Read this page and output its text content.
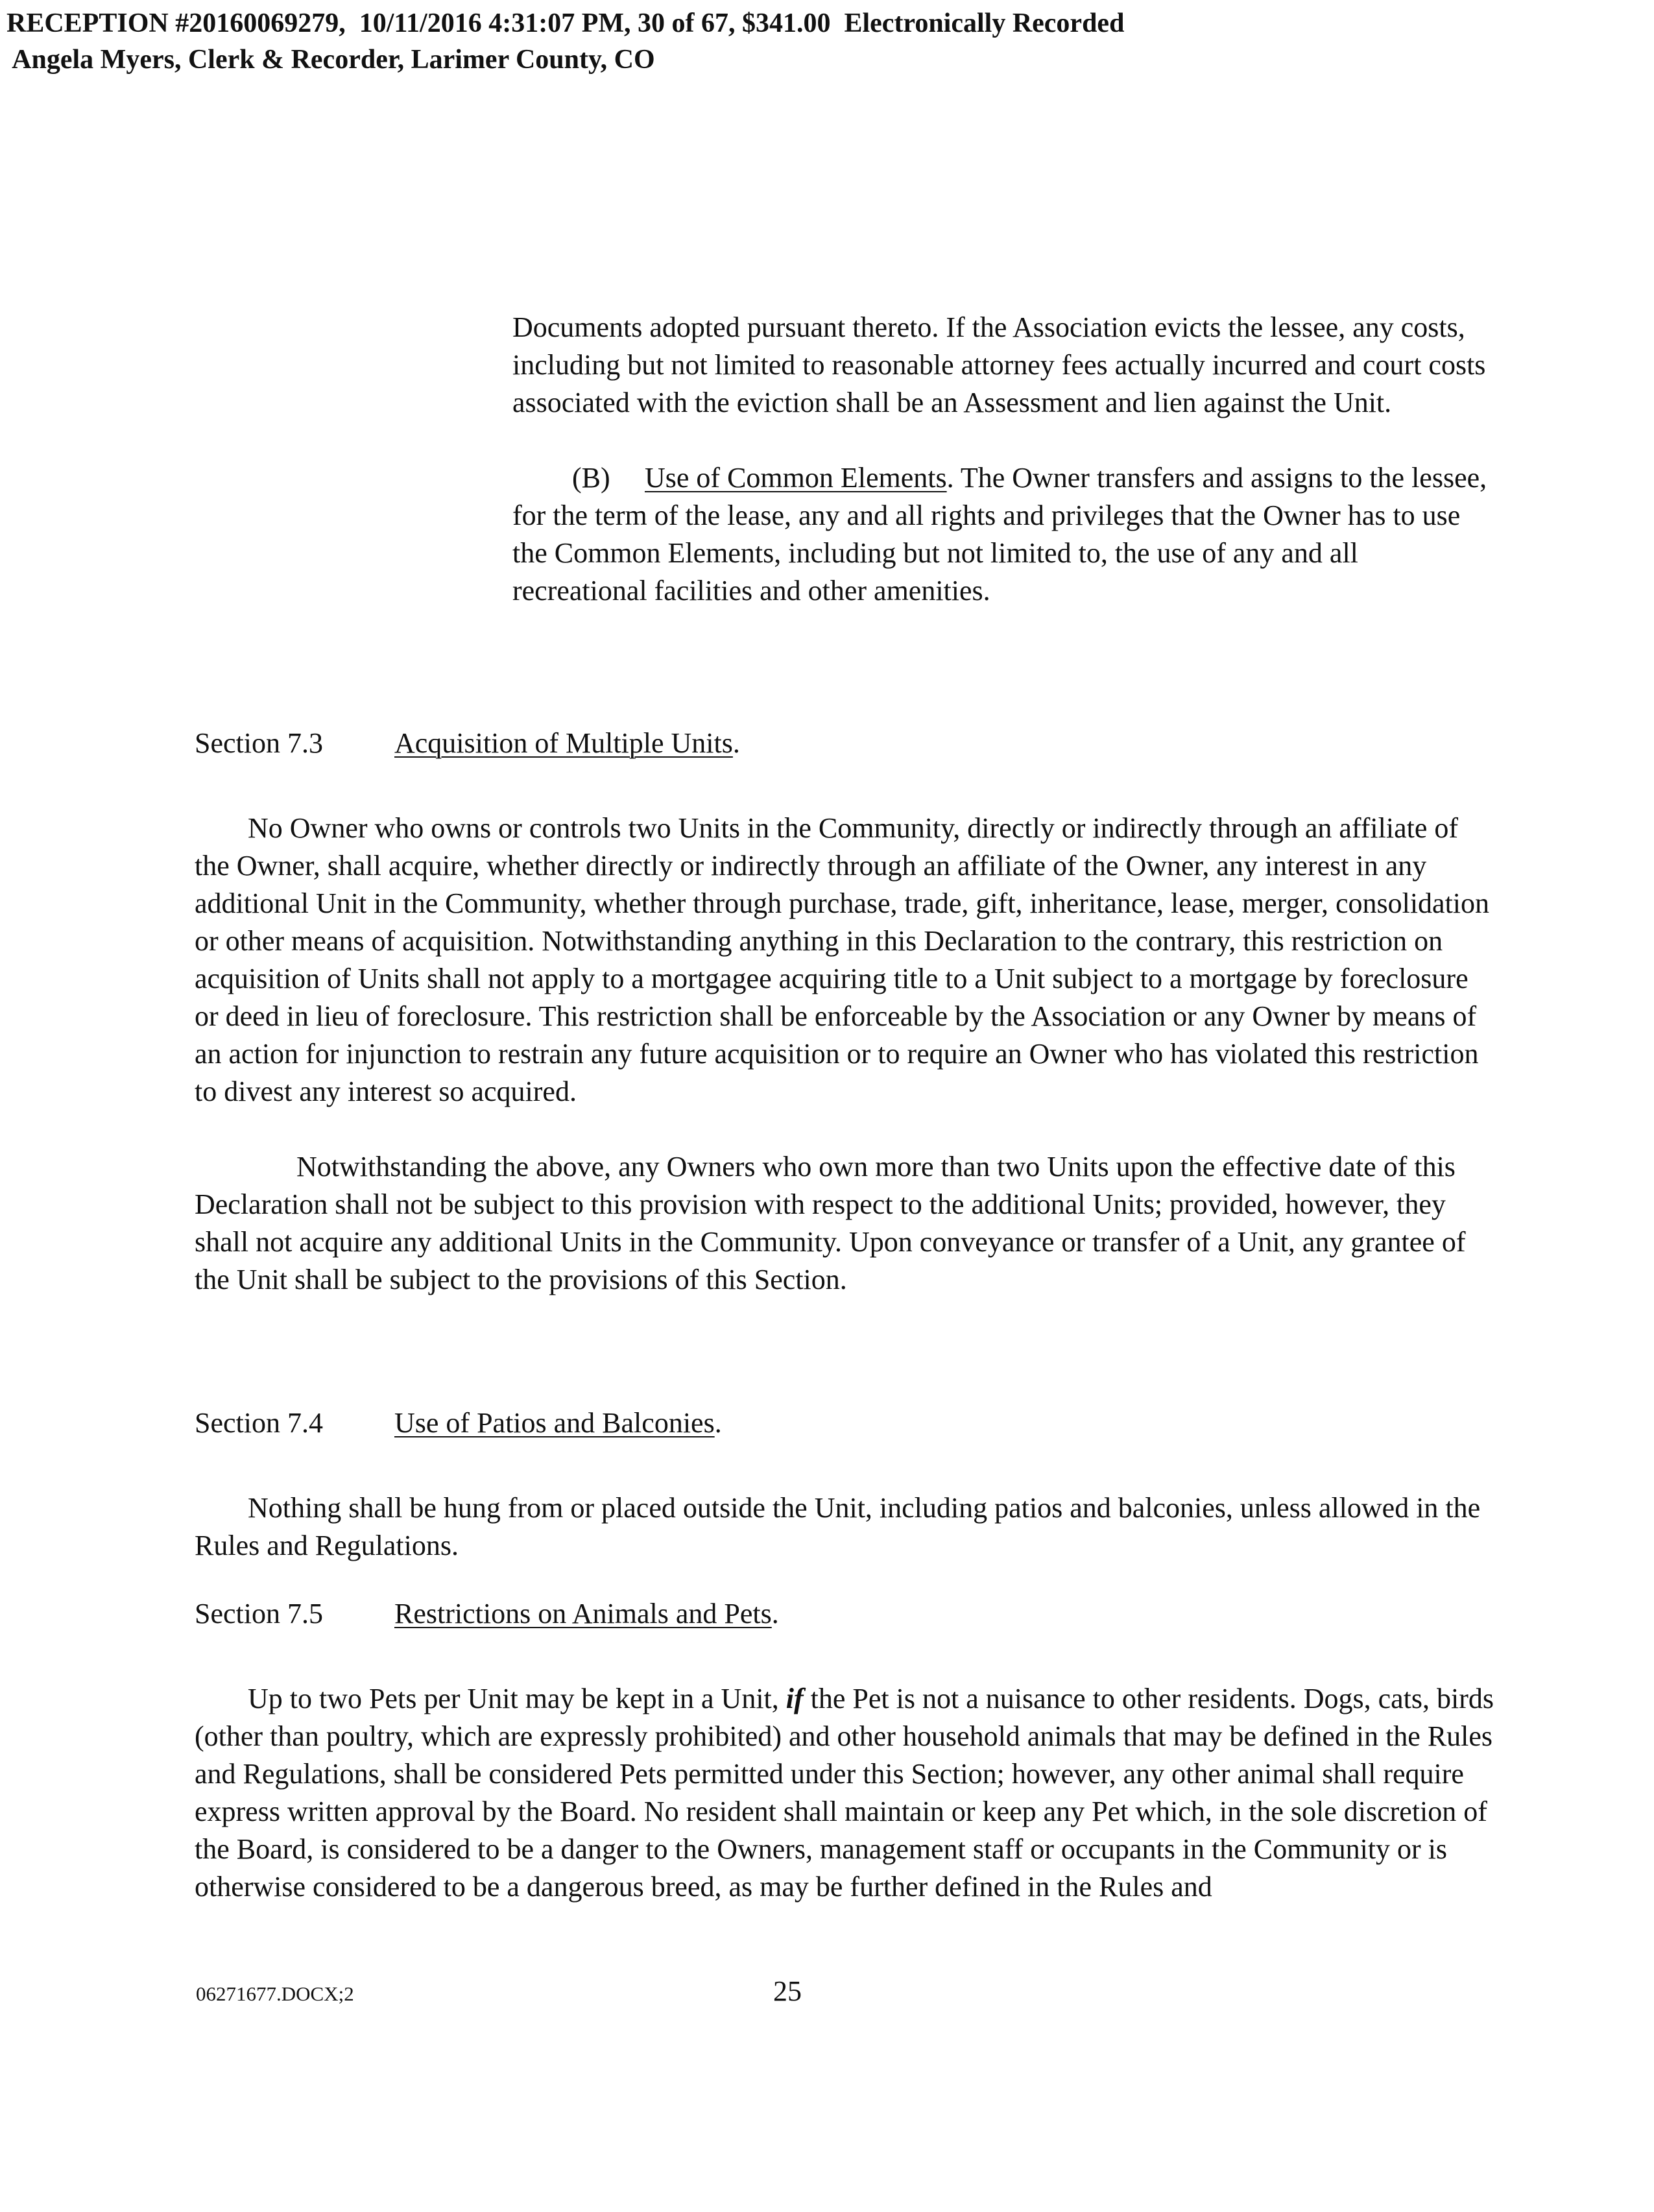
RECEPTION #20160069279,  10/11/2016 4:31:07 PM, 30 of 67, $341.00  Electronically Recorded
Angela Myers, Clerk & Recorder, Larimer County, CO

Documents adopted pursuant thereto. If the Association evicts the lessee, any costs, including but not limited to reasonable attorney fees actually incurred and court costs associated with the eviction shall be an Assessment and lien against the Unit.

(B) Use of Common Elements. The Owner transfers and assigns to the lessee, for the term of the lease, any and all rights and privileges that the Owner has to use the Common Elements, including but not limited to, the use of any and all recreational facilities and other amenities.

Section 7.3	Acquisition of Multiple Units.

No Owner who owns or controls two Units in the Community, directly or indirectly through an affiliate of the Owner, shall acquire, whether directly or indirectly through an affiliate of the Owner, any interest in any additional Unit in the Community, whether through purchase, trade, gift, inheritance, lease, merger, consolidation or other means of acquisition. Notwithstanding anything in this Declaration to the contrary, this restriction on acquisition of Units shall not apply to a mortgagee acquiring title to a Unit subject to a mortgage by foreclosure or deed in lieu of foreclosure. This restriction shall be enforceable by the Association or any Owner by means of an action for injunction to restrain any future acquisition or to require an Owner who has violated this restriction to divest any interest so acquired.

Notwithstanding the above, any Owners who own more than two Units upon the effective date of this Declaration shall not be subject to this provision with respect to the additional Units; provided, however, they shall not acquire any additional Units in the Community. Upon conveyance or transfer of a Unit, any grantee of the Unit shall be subject to the provisions of this Section.

Section 7.4	Use of Patios and Balconies.

Nothing shall be hung from or placed outside the Unit, including patios and balconies, unless allowed in the Rules and Regulations.

Section 7.5	Restrictions on Animals and Pets.

Up to two Pets per Unit may be kept in a Unit, if the Pet is not a nuisance to other residents. Dogs, cats, birds (other than poultry, which are expressly prohibited) and other household animals that may be defined in the Rules and Regulations, shall be considered Pets permitted under this Section; however, any other animal shall require express written approval by the Board. No resident shall maintain or keep any Pet which, in the sole discretion of the Board, is considered to be a danger to the Owners, management staff or occupants in the Community or is otherwise considered to be a dangerous breed, as may be further defined in the Rules and

06271677.DOCX;2	25
